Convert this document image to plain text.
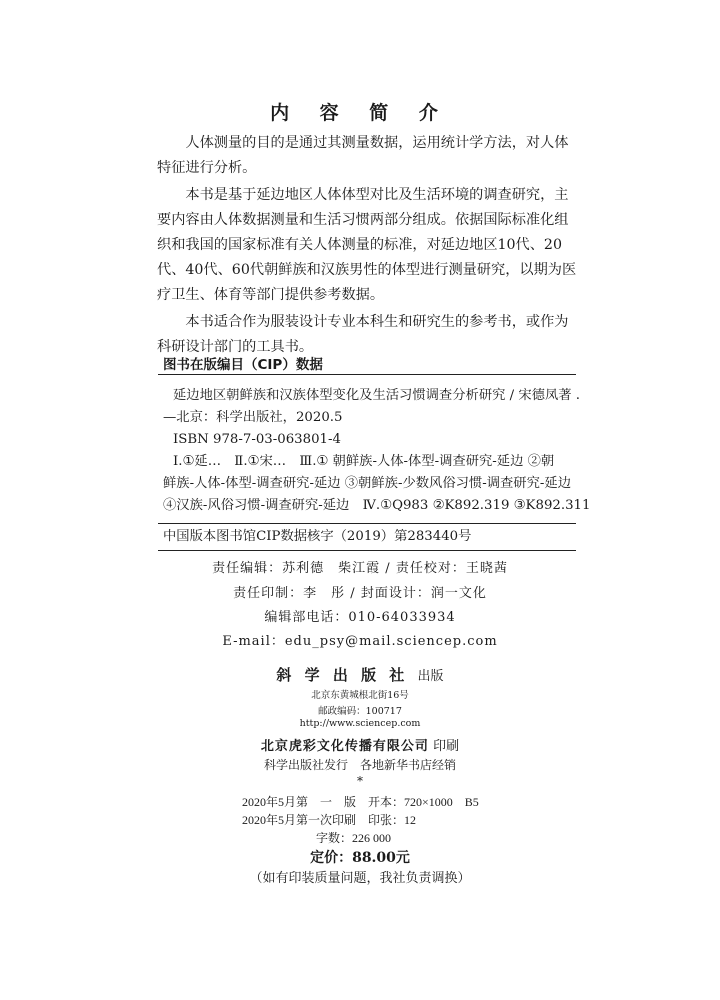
内 容 简 介

人体测量的目的是通过其测量数据，运用统计学方法，对人体特征进行分析。

本书是基于延边地区人体体型对比及生活环境的调查研究，主要内容由人体数据测量和生活习惯两部分组成。依据国际标准化组织和我国的国家标准有关人体测量的标准，对延边地区10代、20代、40代、60代朝鲜族和汉族男性的体型进行测量研究，以期为医疗卫生、体育等部门提供参考数据。

本书适合作为服装设计专业本科生和研究生的参考书，或作为科研设计部门的工具书。

图书在版编目（CIP）数据
延边地区朝鲜族和汉族体型变化及生活习惯调查分析研究 / 宋德凤著 .
—北京：科学出版社，2020.5
ISBN 978-7-03-063801-4
Ⅰ.①延…　Ⅱ.①宋…　Ⅲ.① 朝鲜族-人体-体型-调查研究-延边 ②朝
鲜族-人体-体型-调查研究-延边 ③朝鲜族-少数风俗习惯-调查研究-延边
④汉族-风俗习惯-调查研究-延边　Ⅳ.①Q983 ②K892.319 ③K892.311
中国版本图书馆CIP数据核字（2019）第283440号
责任编辑：苏利德　柴江霞 / 责任校对：王晓茜
责任印制：李　彤 / 封面设计：润一文化
编辑部电话：010-64033934
E-mail：edu_psy@mail.sciencep.com
斜 学 出 版 社 出版
北京东黄城根北街16号
邮政编码：100717
http://www.sciencep.com
北京虎彩文化传播有限公司 印刷
科学出版社发行　各地新华书店经销
*
2020年5月第　一　版　开本：720×1000　B5
2020年5月第一次印刷　印张：12
字数：226 000
定价：88.00元
（如有印装质量问题，我社负责调换）
